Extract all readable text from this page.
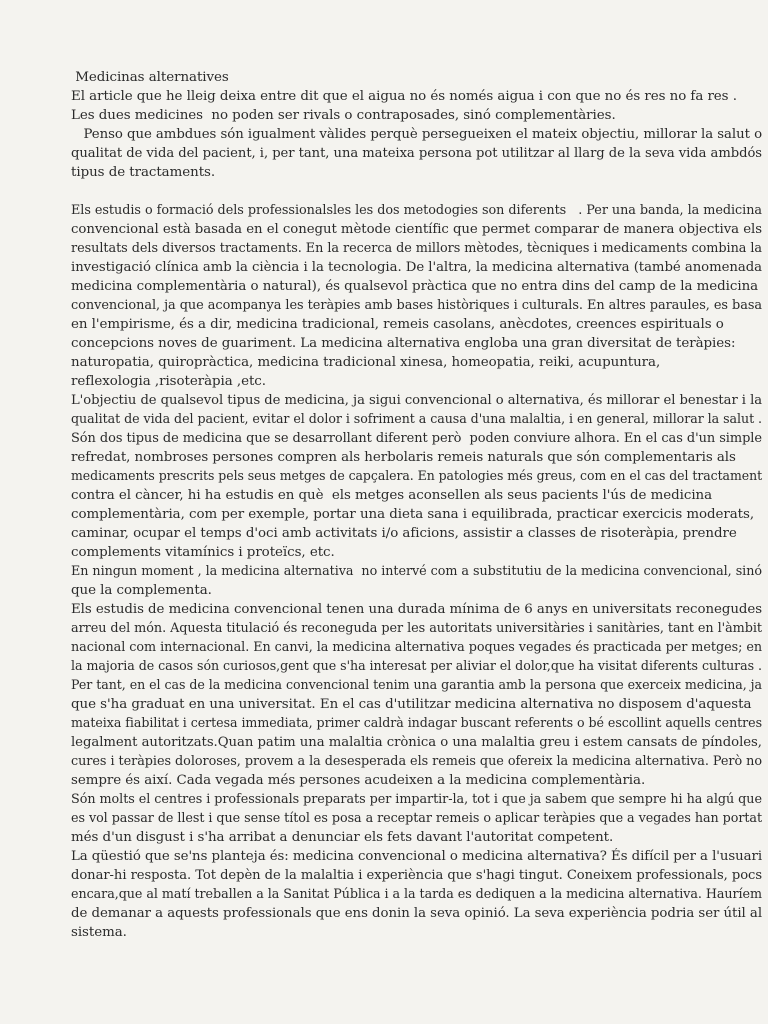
Medicinas alternatives
El article que he lleig deixa entre dit que el aigua no és només aigua i con que no és res no fa res .
Les dues medicines  no poden ser rivals o contraposades, sinó complementàries.
Penso que ambdues són igualment vàlides perquè persegueixen el mateix objectiu, millorar la salut o
qualitat de vida del pacient, i, per tant, una mateixa persona pot utilitzar al llarg de la seva vida ambdós
tipus de tractaments.
Els estudis o formació dels professionalsles les dos metodogies son diferents   . Per una banda, la medicina
convencional està basada en el conegut mètode científic que permet comparar de manera objectiva els
resultats dels diversos tractaments. En la recerca de millors mètodes, tècniques i medicaments combina la
investigació clínica amb la ciència i la tecnologia. De l'altra, la medicina alternativa (també anomenada
medicina complementària o natural), és qualsevol pràctica que no entra dins del camp de la medicina
convencional, ja que acompanya les teràpies amb bases històriques i culturals. En altres paraules, es basa
en l'empirisme, és a dir, medicina tradicional, remeis casolans, anècdotes, creences espirituals o
concepcions noves de guariment. La medicina alternativa engloba una gran diversitat de teràpies:
naturopatia, quiropràctica, medicina tradicional xinesa, homeopatia, reiki, acupuntura,
reflexologia ,risoteràpia ,etc.
L'objectiu de qualsevol tipus de medicina, ja sigui convencional o alternativa, és millorar el benestar i la
qualitat de vida del pacient, evitar el dolor i sofriment a causa d'una malaltia, i en general, millorar la salut .
Són dos tipus de medicina que se desarrollant diferent però  poden conviure alhora. En el cas d'un simple
refredat, nombroses persones compren als herbolaris remeis naturals que són complementaris als
medicaments prescrits pels seus metges de capçalera. En patologies més greus, com en el cas del tractament
contra el càncer, hi ha estudis en què  els metges aconsellen als seus pacients l'ús de medicina
complementària, com per exemple, portar una dieta sana i equilibrada, practicar exercicis moderats,
caminar, ocupar el temps d'oci amb activitats i/o aficions, assistir a classes de risoteràpia, prendre
complements vitamínics i proteïcs, etc.
En ningun moment , la medicina alternativa  no intervé com a substitutiu de la medicina convencional, sinó
que la complementa.
Els estudis de medicina convencional tenen una durada mínima de 6 anys en universitats reconegudes
arreu del món. Aquesta titulació és reconeguda per les autoritats universitàries i sanitàries, tant en l'àmbit
nacional com internacional. En canvi, la medicina alternativa poques vegades és practicada per metges; en
la majoria de casos són curiosos,gent que s'ha interesat per aliviar el dolor,que ha visitat diferents culturas .
Per tant, en el cas de la medicina convencional tenim una garantia amb la persona que exerceix medicina, ja
que s'ha graduat en una universitat. En el cas d'utilitzar medicina alternativa no disposem d'aquesta
mateixa fiabilitat i certesa immediata, primer caldrà indagar buscant referents o bé escollint aquells centres
legalment autoritzats.Quan patim una malaltia crònica o una malaltia greu i estem cansats de píndoles,
cures i teràpies doloroses, provem a la desesperada els remeis que ofereix la medicina alternativa. Però no
sempre és així. Cada vegada més persones acudeixen a la medicina complementària.
Són molts el centres i professionals preparats per impartir-la, tot i que ja sabem que sempre hi ha algú que
es vol passar de llest i que sense títol es posa a receptar remeis o aplicar teràpies que a vegades han portat
més d'un disgust i s'ha arribat a denunciar els fets davant l'autoritat competent.
La qüestió que se'ns planteja és: medicina convencional o medicina alternativa? És difícil per a l'usuari
donar-hi resposta. Tot depèn de la malaltia i experiència que s'hagi tingut. Coneixem professionals, pocs
encara,que al matí treballen a la Sanitat Pública i a la tarda es dediquen a la medicina alternativa. Hauríem
de demanar a aquests professionals que ens donin la seva opinió. La seva experiència podria ser útil al
sistema.
